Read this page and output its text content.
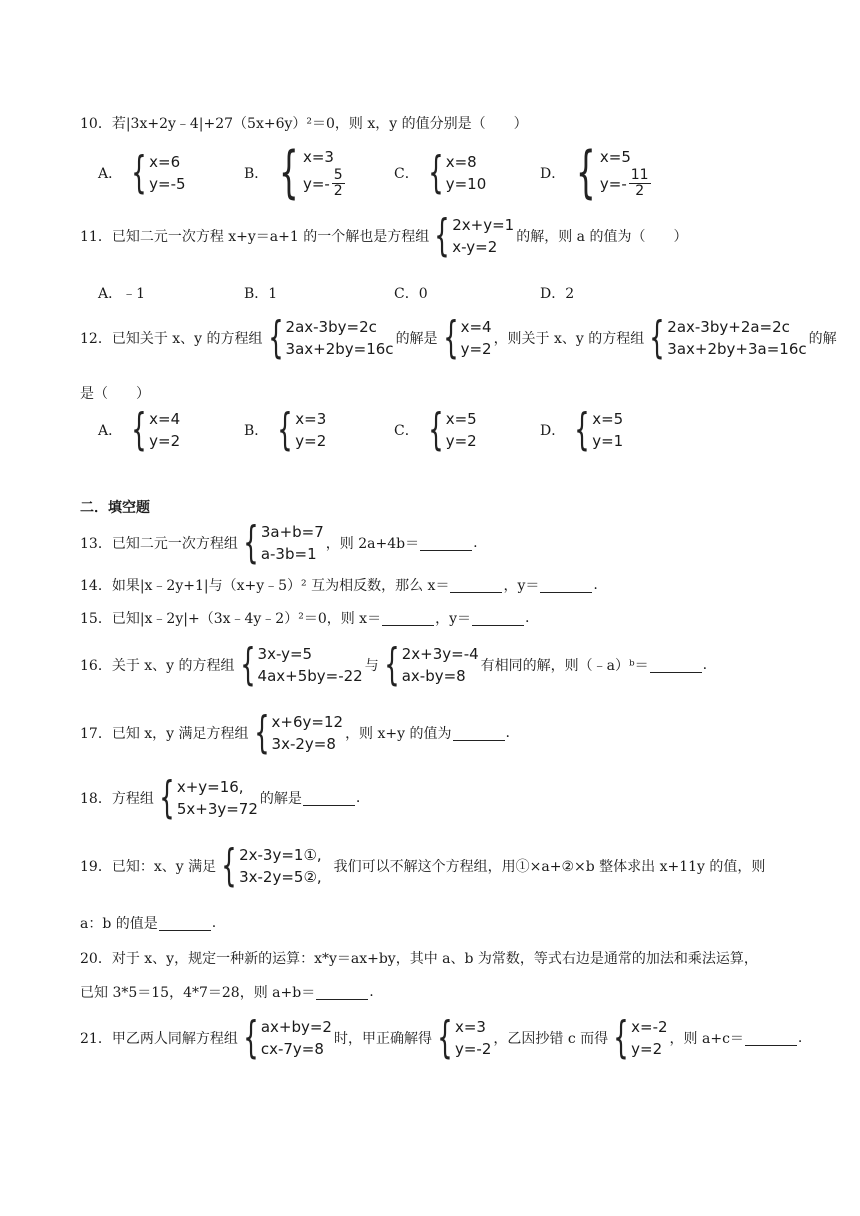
10．若|3x+2y﹣4|+27（5x+6y）²＝0，则 x，y 的值分别是（　　）
A． { x=6
y=-5
B． { x=3
$y=- \frac{5}{2}$	C． { x=8
y=10
D． { x=5
$y=- \frac{11}{2}$
11．已知二元一次方程 x+y＝a+1 的一个解也是方程组 { 2x+y=1
x-y=2
的解，则 a 的值为（　　）
A．﹣1	B．1	C．0	D．2
12．已知关于 x、y 的方程组 { 2ax-3by=2c
3ax+2by=16c
的解是 { x=4
y=2
，则关于 x、y 的方程组 { 2ax-3by+2a=2c
3ax+2by+3a=16c
的解
是（　　）
A． { x=4
y=2
B． { x=3
y=2
C． { x=5
y=2
D． { x=5
y=1
二．填空题
13．已知二元一次方程组 { 3a+b=7
a-3b=1
，则 2a+4b＝	.
14．如果|x﹣2y+1|与（x+y﹣5）² 互为相反数，那么 x＝	，y＝	.
15．已知|x﹣2y|+（3x﹣4y﹣2）²＝0，则 x＝	，y＝	.
16．关于 x、y 的方程组 { 3x-y=5
4ax+5by=-22
与 { 2x+3y=-4
ax-by=8
有相同的解，则（﹣a）ᵇ＝	.
17．已知 x，y 满足方程组 { x+6y=12
3x-2y=8
，则 x+y 的值为	.
18．方程组 { x+y=16,
5x+3y=72
的解是	.
19．已知：x、y 满足 { 2x-3y=1①,
3x-2y=5②,
我们可以不解这个方程组，用①×a+②×b 整体求出 x+11y 的值，则
a：b 的值是	.
20．对于 x、y，规定一种新的运算：x*y＝ax+by，其中 a、b 为常数，等式右边是通常的加法和乘法运算，
已知 3*5＝15，4*7＝28，则 a+b＝	.
21．甲乙两人同解方程组 { ax+by=2
cx-7y=8
时，甲正确解得 { x=3
y=-2
，乙因抄错 c 而得 { x=-2
y=2
，则 a+c＝	.
